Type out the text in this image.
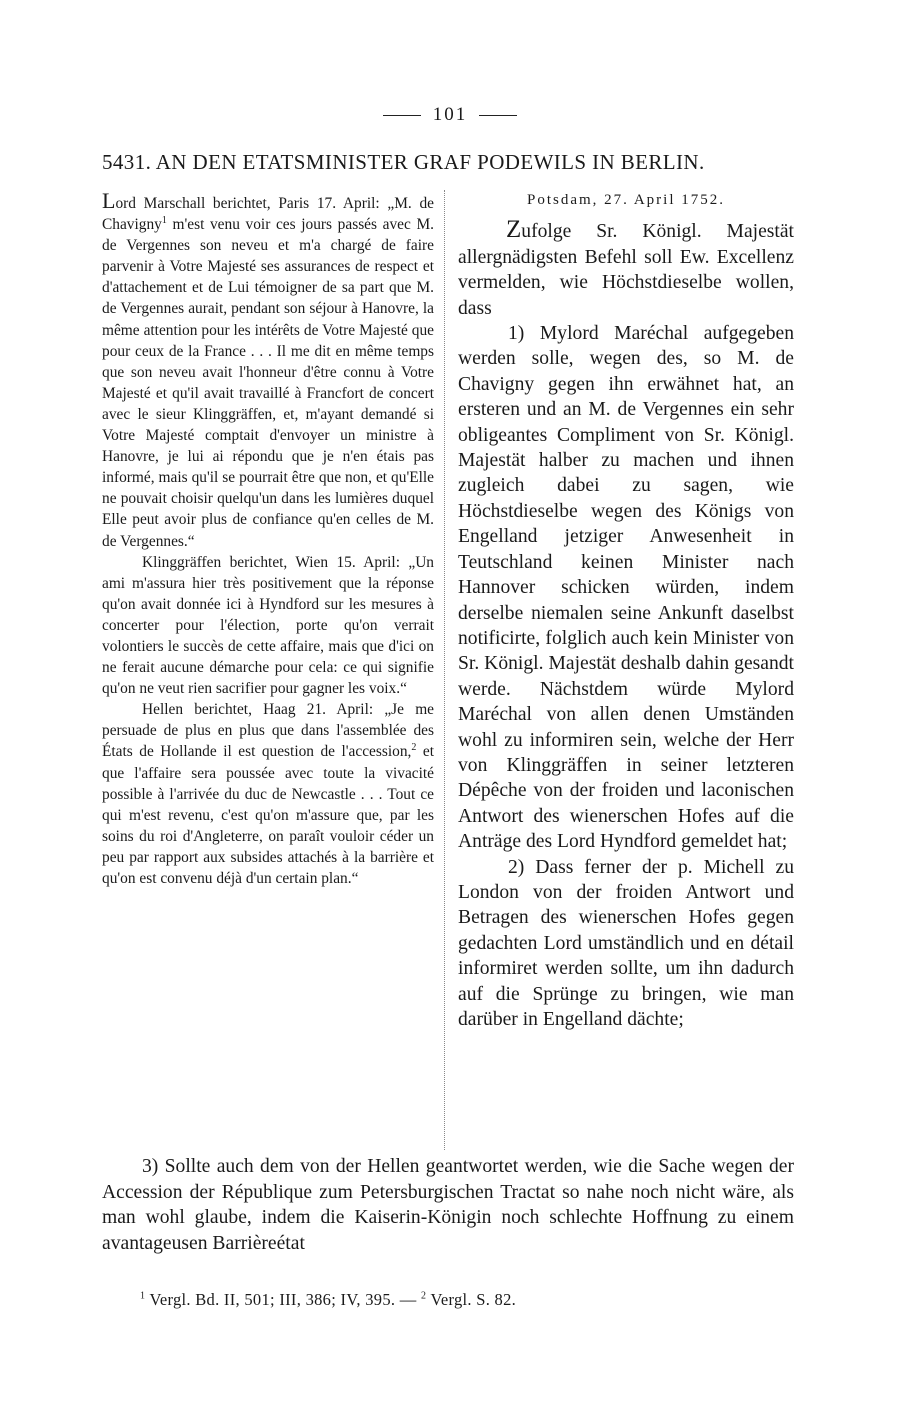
101
5431. AN DEN ETATSMINISTER GRAF PODEWILS IN BERLIN.

Lord Marschall berichtet, Paris 17. April: „M. de Chavigny$^1$ m'est venu voir ces jours passés avec M. de Vergennes son neveu et m'a chargé de faire parvenir à Votre Majesté ses assurances de respect et d'attachement et de Lui témoigner de sa part que M. de Vergennes aurait, pendant son séjour à Hanovre, la même attention pour les intérêts de Votre Majesté que pour ceux de la France . . . Il me dit en même temps que son neveu avait l'honneur d'être connu à Votre Majesté et qu'il avait travaillé à Francfort de concert avec le sieur Klinggräffen, et, m'ayant demandé si Votre Majesté comptait d'envoyer un ministre à Hanovre, je lui ai répondu que je n'en étais pas informé, mais qu'il se pourrait être que non, et qu'Elle ne pouvait choisir quelqu'un dans les lumières duquel Elle peut avoir plus de confiance qu'en celles de M. de Vergennes.“

Klinggräffen berichtet, Wien 15. April: „Un ami m'assura hier très positivement que la réponse qu'on avait donnée ici à Hyndford sur les mesures à concerter pour l'élection, porte qu'on verrait volontiers le succès de cette affaire, mais que d'ici on ne ferait aucune démarche pour cela: ce qui signifie qu'on ne veut rien sacrifier pour gagner les voix.“

Hellen berichtet, Haag 21. April: „Je me persuade de plus en plus que dans l'assemblée des États de Hollande il est question de l'accession,$^2$ et que l'affaire sera poussée avec toute la vivacité possible à l'arrivée du duc de Newcastle . . . Tout ce qui m'est revenu, c'est qu'on m'assure que, par les soins du roi d'Angleterre, on paraît vouloir céder un peu par rapport aux subsides attachés à la barrière et qu'on est convenu déjà d'un certain plan.“

Potsdam, 27. April 1752.

Zufolge Sr. Königl. Majestät allergnädigsten Befehl soll Ew. Excellenz vermelden, wie Höchstdieselbe wollen, dass

1) Mylord Maréchal aufgegeben werden solle, wegen des, so M. de Chavigny gegen ihn erwähnet hat, an ersteren und an M. de Vergennes ein sehr obligeantes Compliment von Sr. Königl. Majestät halber zu machen und ihnen zugleich dabei zu sagen, wie Höchstdieselbe wegen des Königs von Engelland jetziger Anwesenheit in Teutschland keinen Minister nach Hannover schicken würden, indem derselbe niemalen seine Ankunft daselbst notificirte, folglich auch kein Minister von Sr. Königl. Majestät deshalb dahin gesandt werde. Nächstdem würde Mylord Maréchal von allen denen Umständen wohl zu informiren sein, welche der Herr von Klinggräffen in seiner letzteren Dépêche von der froiden und laconischen Antwort des wienerschen Hofes auf die Anträge des Lord Hyndford gemeldet hat;

2) Dass ferner der p. Michell zu London von der froiden Antwort und Betragen des wienerschen Hofes gegen gedachten Lord umständlich und en détail informiret werden sollte, um ihn dadurch auf die Sprünge zu bringen, wie man darüber in Engelland dächte;

3) Sollte auch dem von der Hellen geantwortet werden, wie die Sache wegen der Accession der République zum Petersburgischen Tractat so nahe noch nicht wäre, als man wohl glaube, indem die Kaiserin-Königin noch schlechte Hoffnung zu einem avantageusen Barrièreétat

$^1$ Vergl. Bd. II, 501; III, 386; IV, 395. — $^2$ Vergl. S. 82.
